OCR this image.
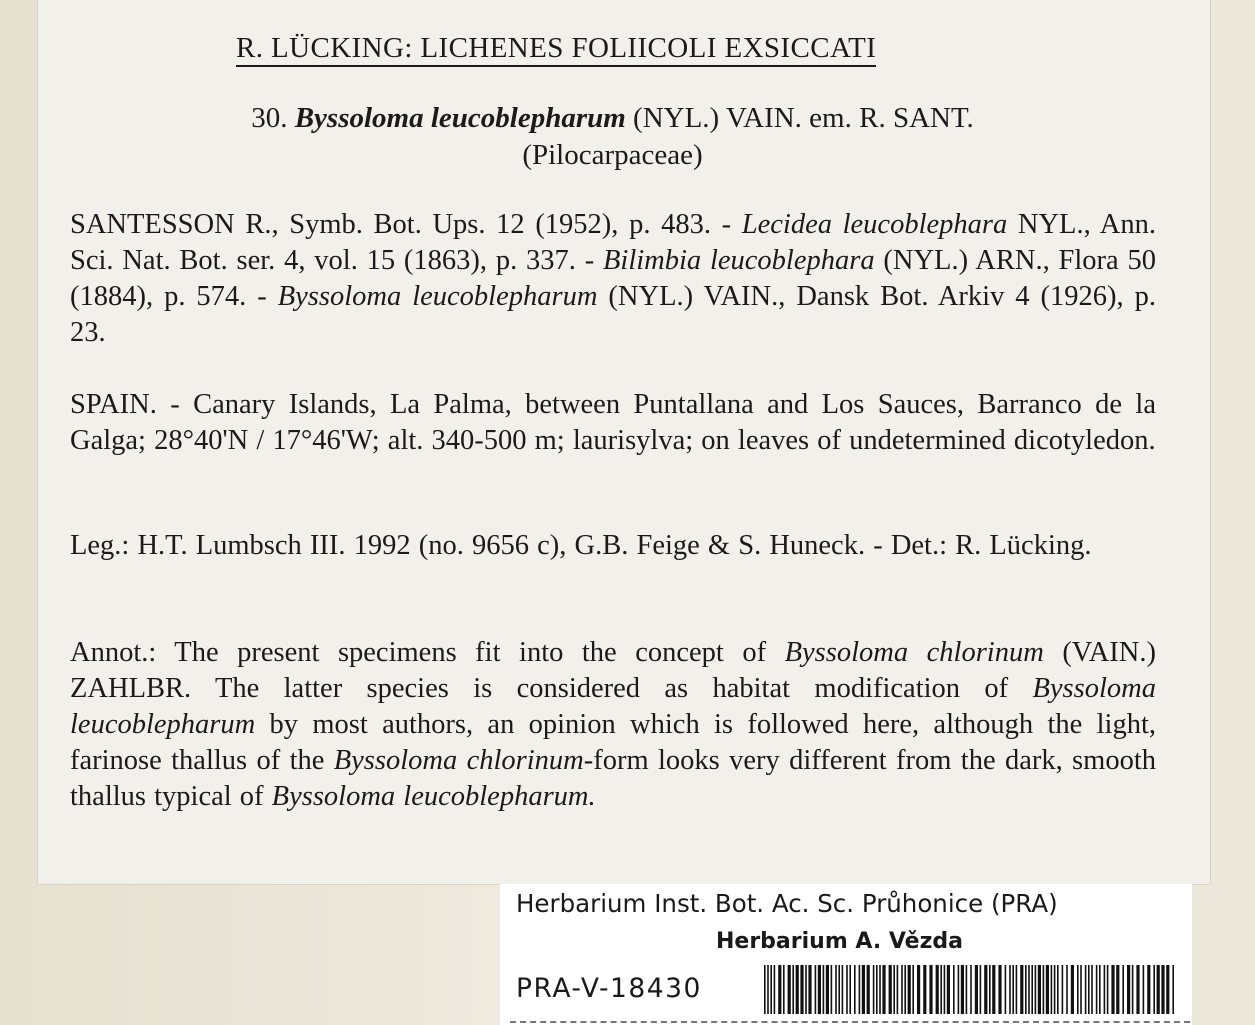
R. LÜCKING: LICHENES FOLIICOLI EXSICCATI
30. Byssoloma leucoblepharum (NYL.) VAIN. em. R. SANT.
(Pilocarpaceae)
SANTESSON R., Symb. Bot. Ups. 12 (1952), p. 483. - Lecidea leucoblephara NYL., Ann. Sci. Nat. Bot. ser. 4, vol. 15 (1863), p. 337. - Bilimbia leucoblephara (NYL.) ARN., Flora 50 (1884), p. 574. - Byssoloma leucoblepharum (NYL.) VAIN., Dansk Bot. Arkiv 4 (1926), p. 23.
SPAIN. - Canary Islands, La Palma, between Puntallana and Los Sauces, Barranco de la Galga; 28°40'N / 17°46'W; alt. 340-500 m; laurisylva; on leaves of undetermined dicotyledon.
Leg.: H.T. Lumbsch III. 1992 (no. 9656 c), G.B. Feige & S. Huneck. - Det.: R. Lücking.
Annot.: The present specimens fit into the concept of Byssoloma chlorinum (VAIN.) ZAHLBR. The latter species is considered as habitat modification of Byssoloma leucoblepharum by most authors, an opinion which is followed here, although the light, farinose thallus of the Byssoloma chlorinum-form looks very different from the dark, smooth thallus typical of Byssoloma leucoblepharum.
Herbarium Inst. Bot. Ac. Sc. Průhonice (PRA)
Herbarium A. Vězda
PRA-V-18430
